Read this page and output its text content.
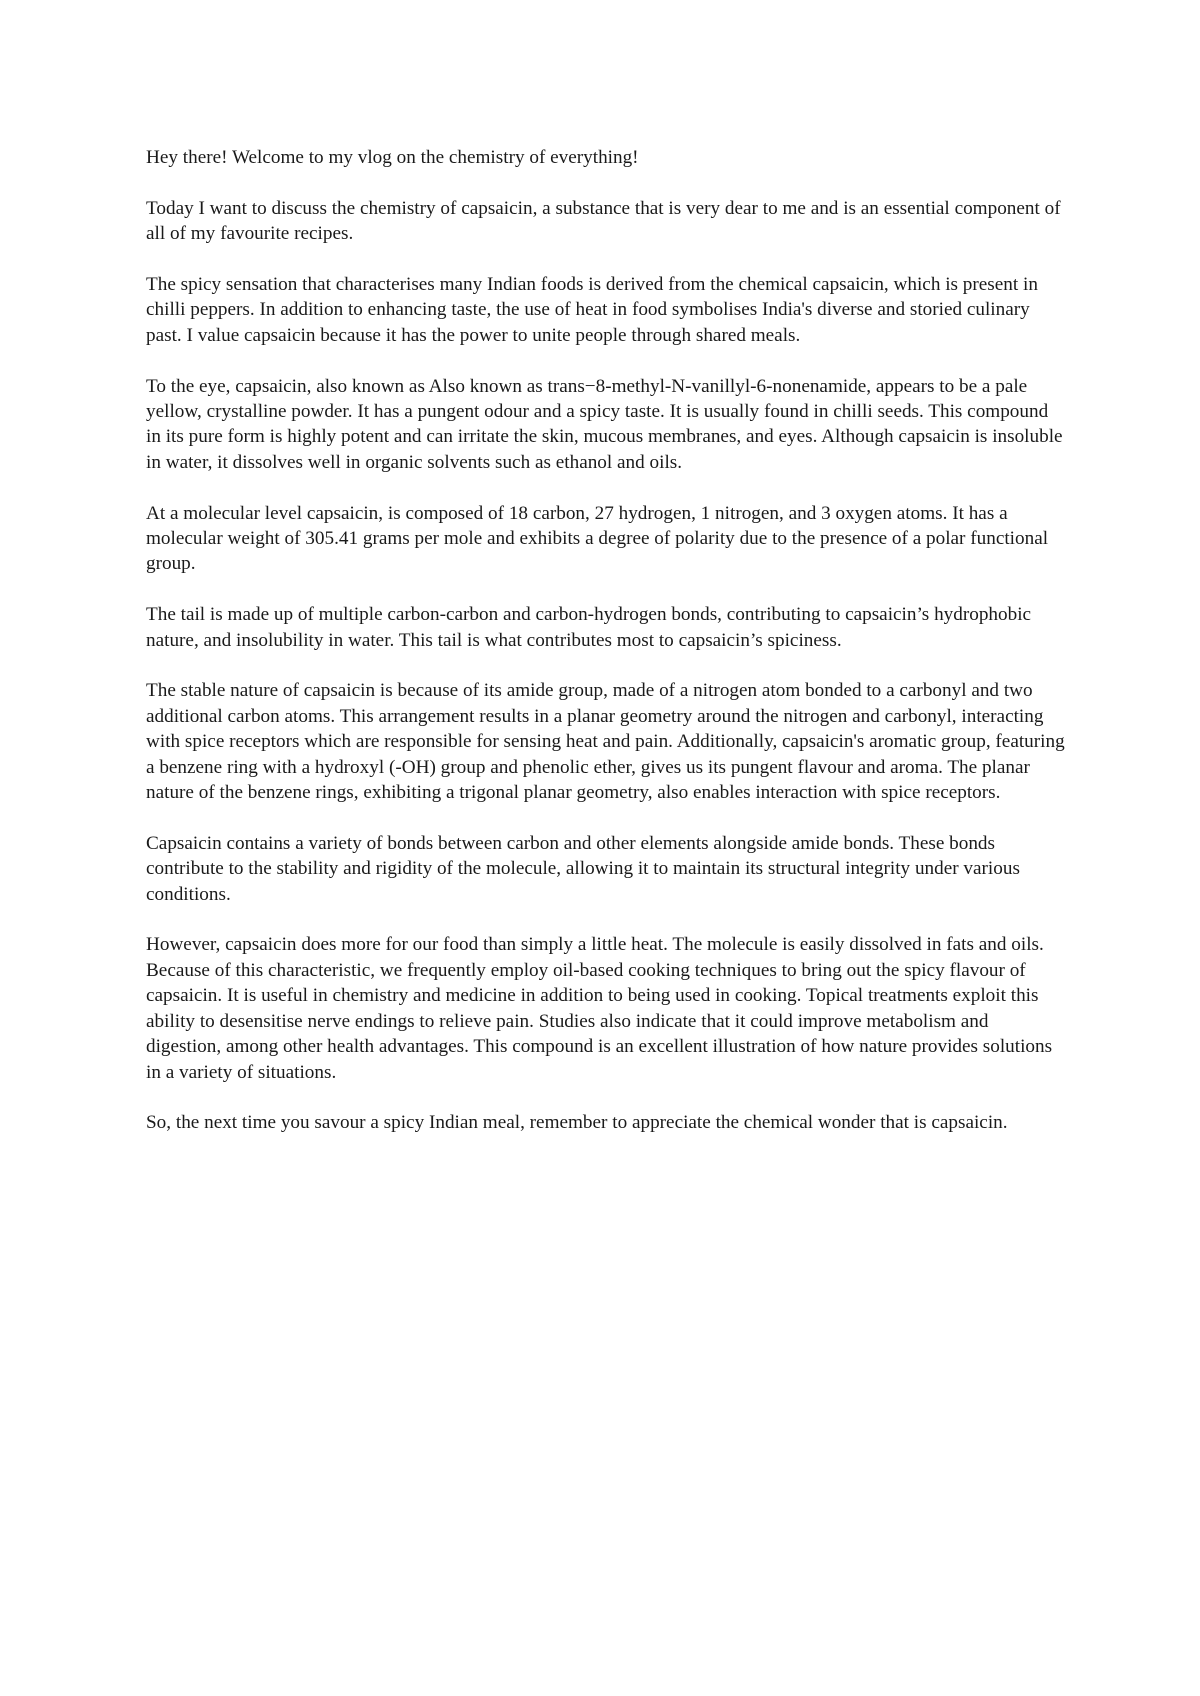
Hey there! Welcome to my vlog on the chemistry of everything!

Today I want to discuss the chemistry of capsaicin, a substance that is very dear to me and is an essential component of all of my favourite recipes.

The spicy sensation that characterises many Indian foods is derived from the chemical capsaicin, which is present in chilli peppers. In addition to enhancing taste, the use of heat in food symbolises India's diverse and storied culinary past. I value capsaicin because it has the power to unite people through shared meals.

To the eye, capsaicin, also known as Also known as trans−8-methyl-N-vanillyl-6-nonenamide, appears to be a pale yellow, crystalline powder. It has a pungent odour and a spicy taste. It is usually found in chilli seeds. This compound in its pure form is highly potent and can irritate the skin, mucous membranes, and eyes. Although capsaicin is insoluble in water, it dissolves well in organic solvents such as ethanol and oils.

At a molecular level capsaicin, is composed of 18 carbon, 27 hydrogen, 1 nitrogen, and 3 oxygen atoms. It has a molecular weight of 305.41 grams per mole and exhibits a degree of polarity due to the presence of a polar functional group.

The tail is made up of multiple carbon-carbon and carbon-hydrogen bonds, contributing to capsaicin’s hydrophobic nature, and insolubility in water. This tail is what contributes most to capsaicin’s spiciness.

The stable nature of capsaicin is because of its amide group, made of a nitrogen atom bonded to a carbonyl and two additional carbon atoms. This arrangement results in a planar geometry around the nitrogen and carbonyl, interacting with spice receptors which are responsible for sensing heat and pain. Additionally, capsaicin's aromatic group, featuring a benzene ring with a hydroxyl (-OH) group and phenolic ether, gives us its pungent flavour and aroma. The planar nature of the benzene rings, exhibiting a trigonal planar geometry, also enables interaction with spice receptors.

Capsaicin contains a variety of bonds between carbon and other elements alongside amide bonds. These bonds contribute to the stability and rigidity of the molecule, allowing it to maintain its structural integrity under various conditions.

However, capsaicin does more for our food than simply a little heat. The molecule is easily dissolved in fats and oils. Because of this characteristic, we frequently employ oil-based cooking techniques to bring out the spicy flavour of capsaicin. It is useful in chemistry and medicine in addition to being used in cooking. Topical treatments exploit this ability to desensitise nerve endings to relieve pain. Studies also indicate that it could improve metabolism and digestion, among other health advantages. This compound is an excellent illustration of how nature provides solutions in a variety of situations.

So, the next time you savour a spicy Indian meal, remember to appreciate the chemical wonder that is capsaicin.
